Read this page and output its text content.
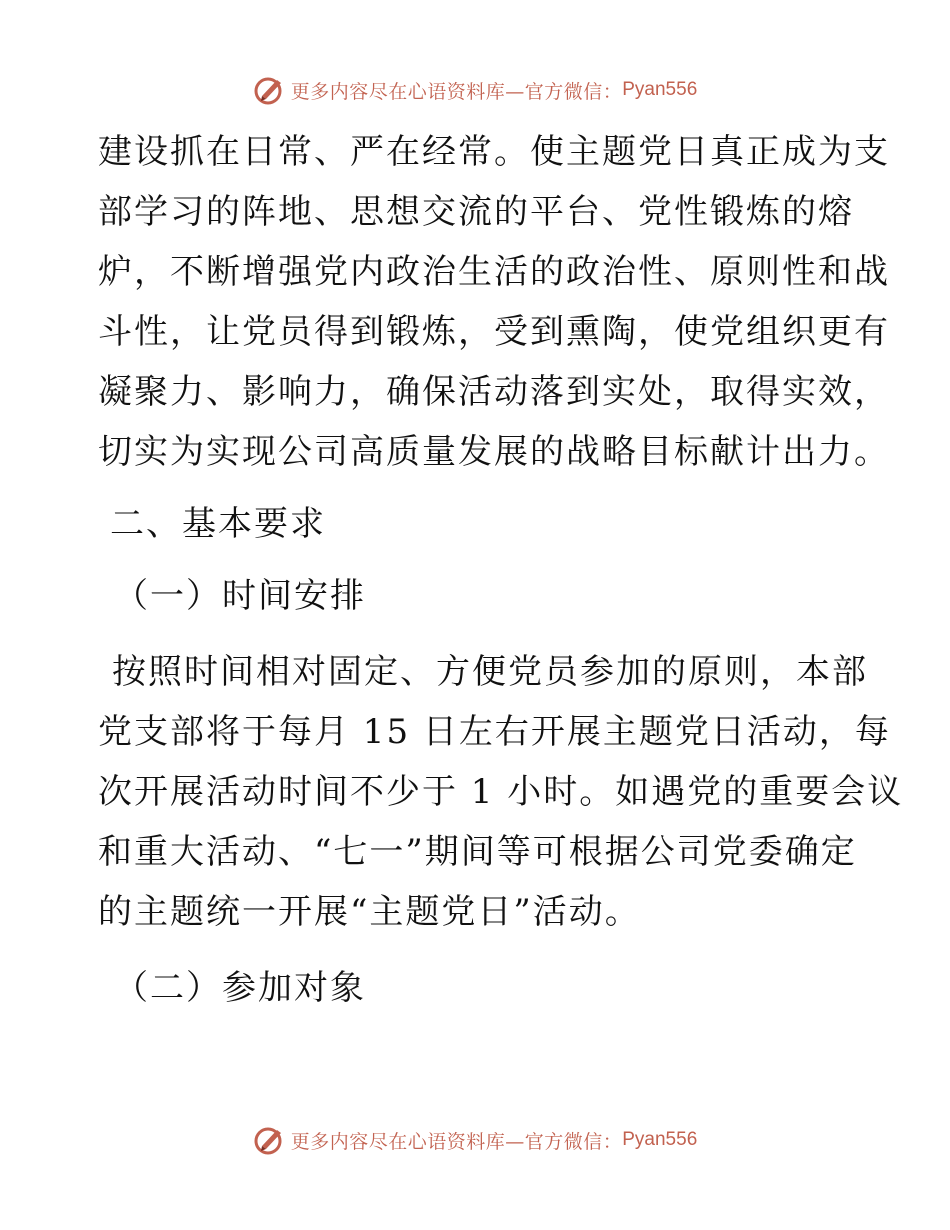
更多内容尽在心语资料库—官方微信： Pyan556
建设抓在日常、严在经常。使主题党日真正成为支
部学习的阵地、思想交流的平台、党性锻炼的熔
炉，不断增强党内政治生活的政治性、原则性和战
斗性，让党员得到锻炼，受到熏陶，使党组织更有
凝聚力、影响力，确保活动落到实处，取得实效，
切实为实现公司高质量发展的战略目标献计出力。
二、基本要求
（一）时间安排
按照时间相对固定、方便党员参加的原则，本部
党支部将于每月 15 日左右开展主题党日活动，每
次开展活动时间不少于 1 小时。如遇党的重要会议
和重大活动、“七一”期间等可根据公司党委确定
的主题统一开展“主题党日”活动。
（二）参加对象
更多内容尽在心语资料库—官方微信： Pyan556
